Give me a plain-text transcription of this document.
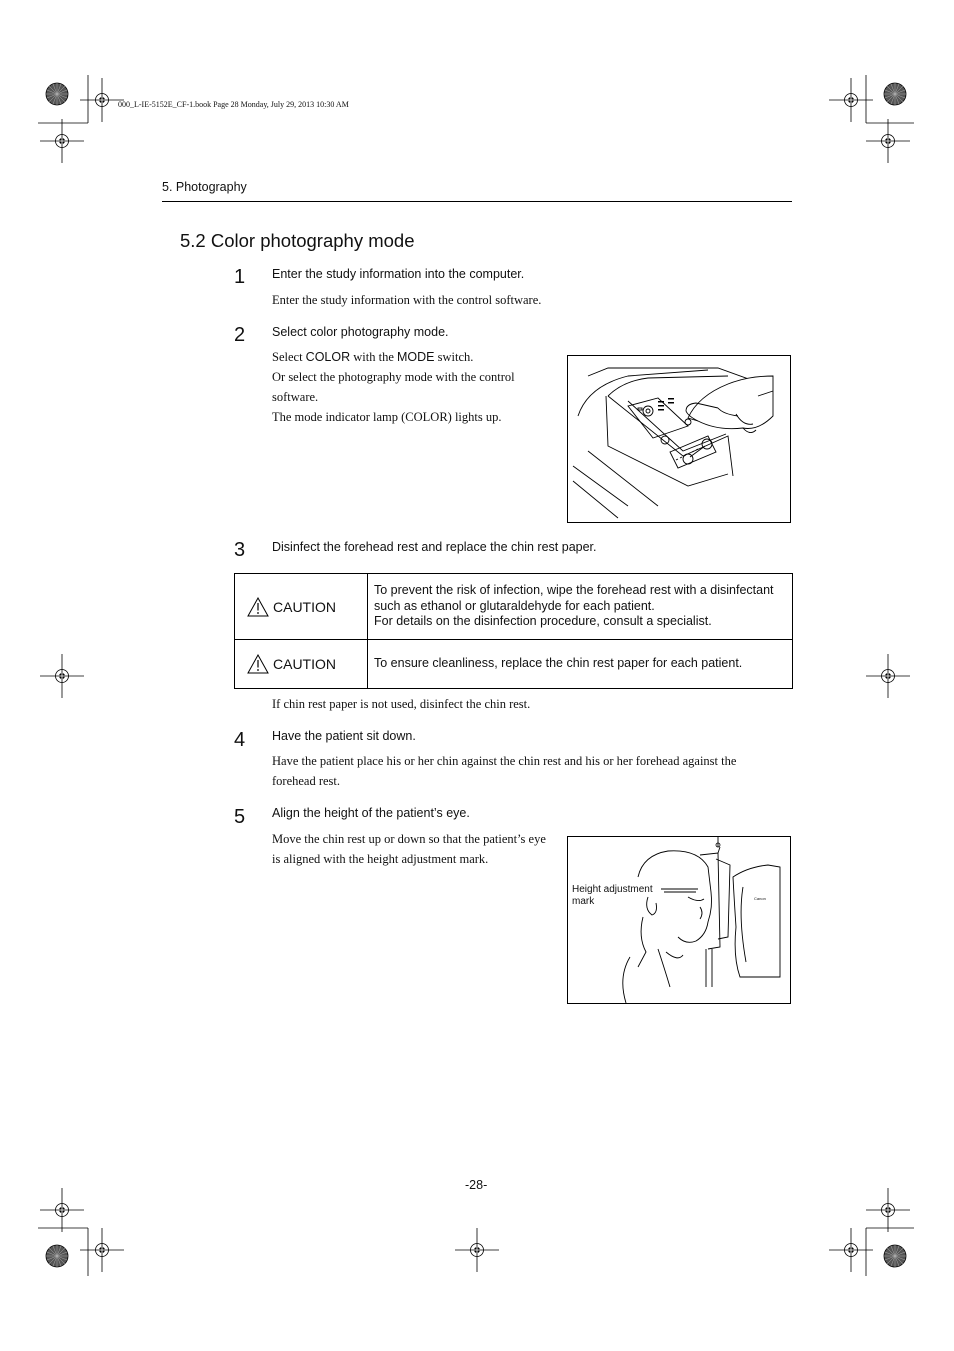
000_L-IE-5152E_CF-1.book Page 28 Monday, July 29, 2013 10:30 AM
5. Photography
5.2 Color photography mode
1 Enter the study information into the computer.
Enter the study information with the control software.
2 Select color photography mode.
Select COLOR with the MODE switch.
Or select the photography mode with the control
software.
The mode indicator lamp (COLOR) lights up.
3 Disinfect the forehead rest and replace the chin rest paper.
CAUTION	To prevent the risk of infection, wipe the forehead rest with a disinfectant
such as ethanol or glutaraldehyde for each patient.
For details on the disinfection procedure, consult a specialist.

CAUTION	To ensure cleanliness, replace the chin rest paper for each patient.
If chin rest paper is not used, disinfect the chin rest.
4 Have the patient sit down.
Have the patient place his or her chin against the chin rest and his or her forehead against the
forehead rest.
5 Align the height of the patient’s eye.
Move the chin rest up or down so that the patient’s eye
is aligned with the height adjustment mark.
Height adjustment
mark	Canon
-28-
